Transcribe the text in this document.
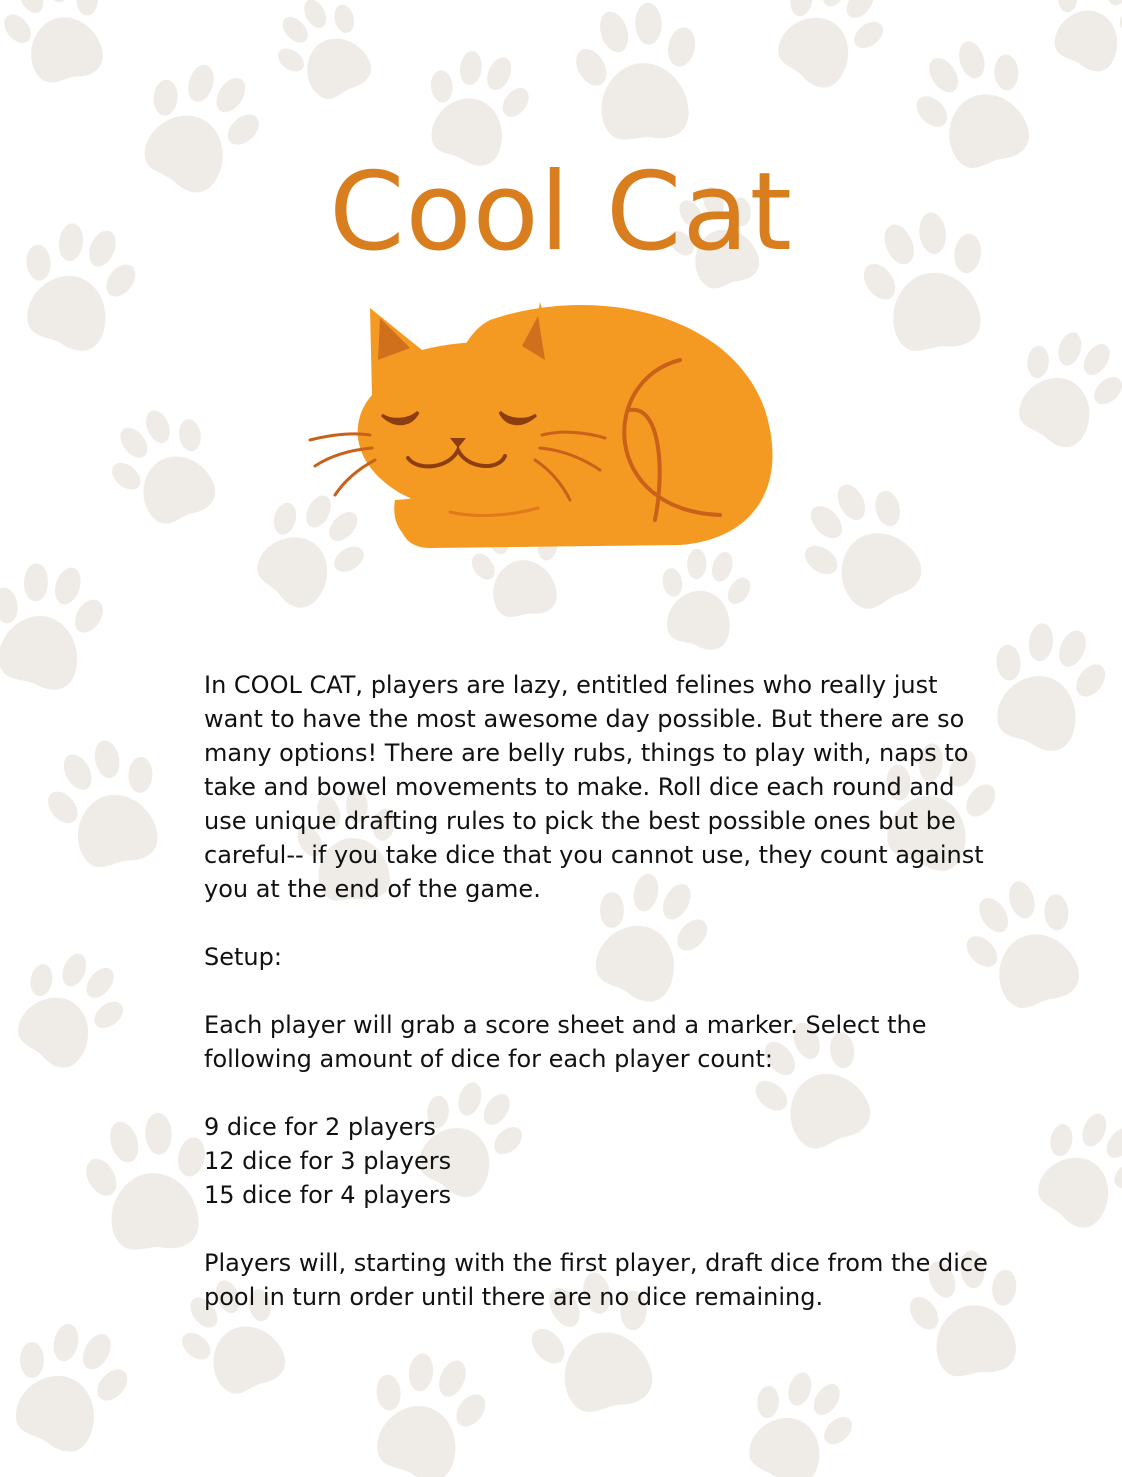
Cool Cat

In COOL CAT, players are lazy, entitled felines who really just want to have the most awesome day possible. But there are so many options! There are belly rubs, things to play with, naps to take and bowel movements to make. Roll dice each round and use unique drafting rules to pick the best possible ones but be careful-- if you take dice that you cannot use, they count against you at the end of the game.

Setup:

Each player will grab a score sheet and a marker. Select the following amount of dice for each player count:

9 dice for 2 players

12 dice for 3 players

15 dice for 4 players

Players will, starting with the first player, draft dice from the dice pool in turn order until there are no dice remaining.
